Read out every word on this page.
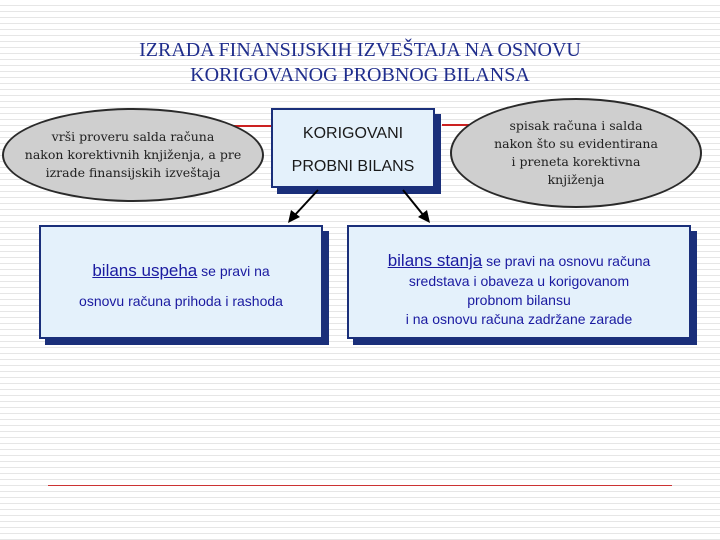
IZRADA FINANSIJSKIH IZVEŠTAJA NA OSNOVU
KORIGOVANOG PROBNOG BILANSA
vrši proveru salda računa
nakon korektivnih knjiženja, a pre
izrade finansijskih izveštaja
spisak računa i salda
nakon što su evidentirana
i preneta korektivna
knjiženja
KORIGOVANI
PROBNI BILANS
bilans uspeha se pravi na
osnovu računa prihoda i rashoda
bilans stanja se pravi na osnovu računa
sredstava i obaveza u korigovanom
probnom bilansu
i na osnovu računa zadržane zarade
